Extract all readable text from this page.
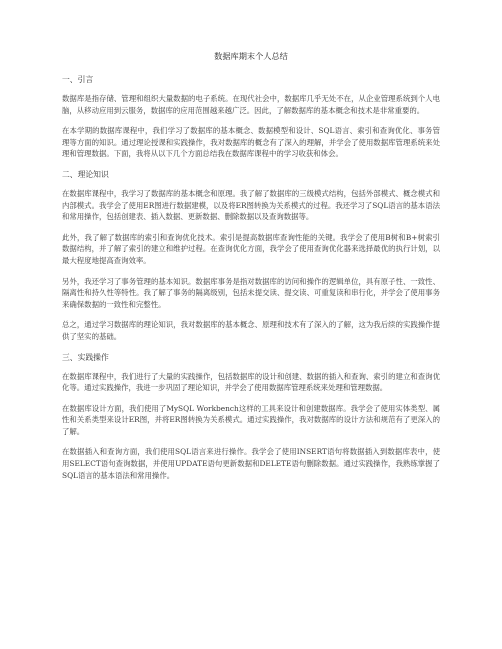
数据库期末个人总结
一、引言

数据库是指存储、管理和组织大量数据的电子系统。在现代社会中，数据库几乎无处不在，从企业管理系统到个人电脑，从移动应用到云服务，数据库的应用范围越来越广泛。因此，了解数据库的基本概念和技术是非常重要的。

在本学期的数据库课程中，我们学习了数据库的基本概念、数据模型和设计、SQL语言、索引和查询优化、事务管理等方面的知识。通过理论授课和实践操作，我对数据库的概念有了深入的理解，并学会了使用数据库管理系统来处理和管理数据。下面，我将从以下几个方面总结我在数据库课程中的学习收获和体会。

二、理论知识

在数据库课程中，我学习了数据库的基本概念和原理。我了解了数据库的三级模式结构，包括外部模式、概念模式和内部模式。我学会了使用ER图进行数据建模，以及将ER图转换为关系模式的过程。我还学习了SQL语言的基本语法和常用操作，包括创建表、插入数据、更新数据、删除数据以及查询数据等。

此外，我了解了数据库的索引和查询优化技术。索引是提高数据库查询性能的关键。我学会了使用B树和B+树索引数据结构，并了解了索引的建立和维护过程。在查询优化方面，我学会了使用查询优化器来选择最优的执行计划，以最大程度地提高查询效率。

另外，我还学习了事务管理的基本知识。数据库事务是指对数据库的访问和操作的逻辑单位，具有原子性、一致性、隔离性和持久性等特性。我了解了事务的隔离级别，包括未提交读、提交读、可重复读和串行化，并学会了使用事务来确保数据的一致性和完整性。

总之，通过学习数据库的理论知识，我对数据库的基本概念、原理和技术有了深入的了解，这为我后续的实践操作提供了坚实的基础。

三、实践操作

在数据库课程中，我们进行了大量的实践操作，包括数据库的设计和创建、数据的插入和查询、索引的建立和查询优化等。通过实践操作，我进一步巩固了理论知识，并学会了使用数据库管理系统来处理和管理数据。

在数据库设计方面，我们使用了MySQL Workbench这样的工具来设计和创建数据库。我学会了使用实体类型、属性和关系类型来设计ER图，并将ER图转换为关系模式。通过实践操作，我对数据库的设计方法和规范有了更深入的了解。

在数据插入和查询方面，我们使用SQL语言来进行操作。我学会了使用INSERT语句将数据插入到数据库表中，使用SELECT语句查询数据，并使用UPDATE语句更新数据和DELETE语句删除数据。通过实践操作，我熟练掌握了SQL语言的基本语法和常用操作。
